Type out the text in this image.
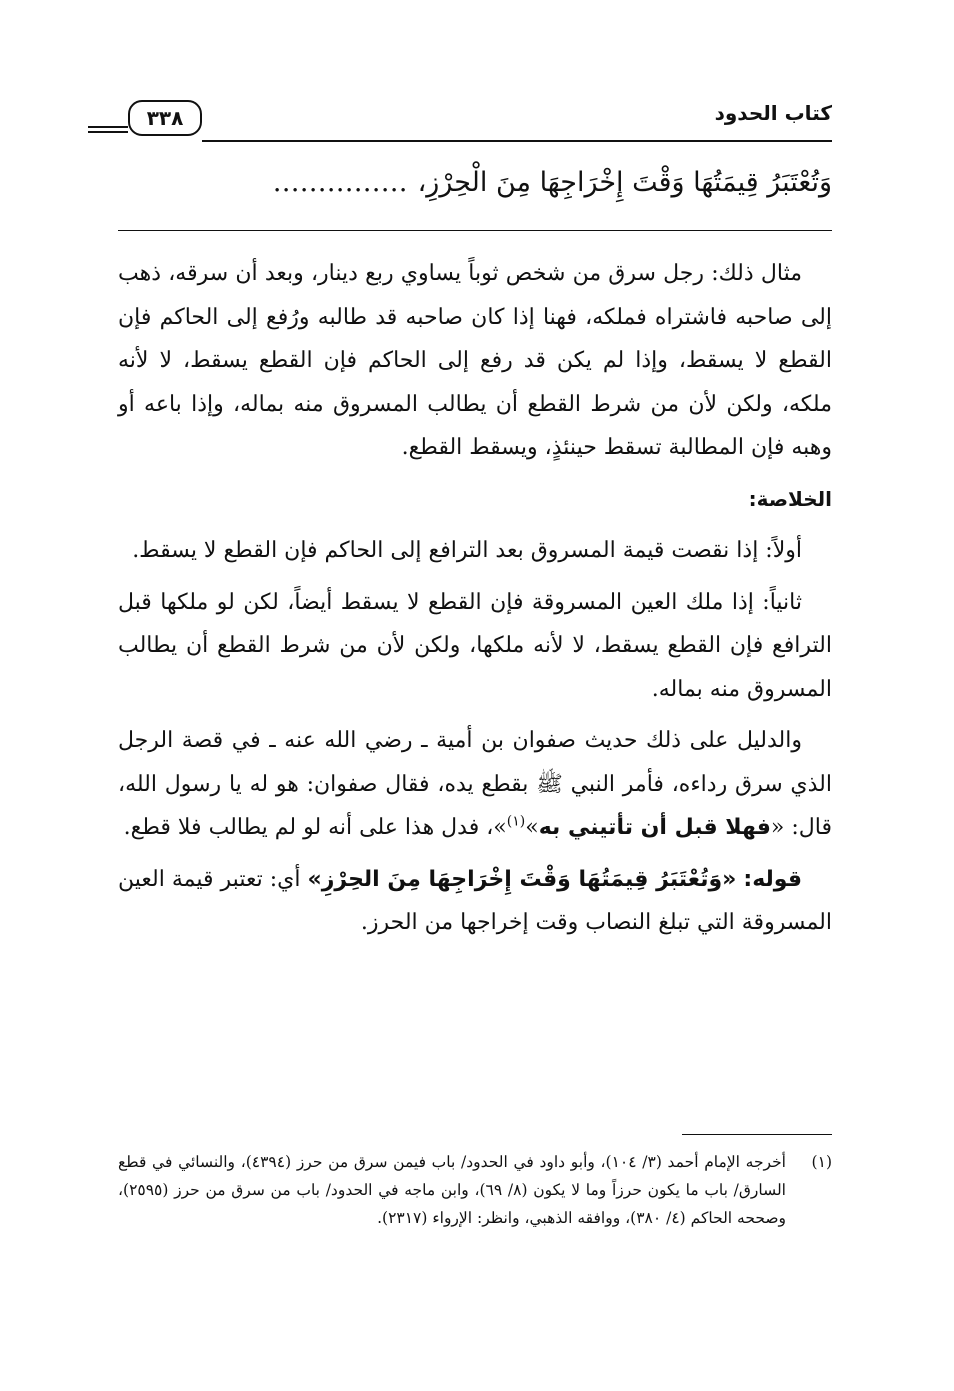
كتاب الحدود
٣٣٨
وَتُعْتَبَرُ قِيمَتُهَا وَقْتَ إِخْرَاجِهَا مِنَ الْحِرْزِ،……………

مثال ذلك: رجل سرق من شخص ثوباً يساوي ربع دينار، وبعد أن سرقه، ذهب إلى صاحبه فاشتراه فملكه، فهنا إذا كان صاحبه قد طالبه ورُفع إلى الحاكم فإن القطع لا يسقط، وإذا لم يكن قد رفع إلى الحاكم فإن القطع يسقط، لا لأنه ملكه، ولكن لأن من شرط القطع أن يطالب المسروق منه بماله، وإذا باعه أو وهبه فإن المطالبة تسقط حينئذٍ، ويسقط القطع.

الخلاصة:

أولاً: إذا نقصت قيمة المسروق بعد الترافع إلى الحاكم فإن القطع لا يسقط.

ثانياً: إذا ملك العين المسروقة فإن القطع لا يسقط أيضاً، لكن لو ملكها قبل الترافع فإن القطع يسقط، لا لأنه ملكها، ولكن لأن من شرط القطع أن يطالب المسروق منه بماله.

والدليل على ذلك حديث صفوان بن أمية ـ رضي الله عنه ـ في قصة الرجل الذي سرق رداءه، فأمر النبي ﷺ بقطع يده، فقال صفوان: هو له يا رسول الله، قال: «فهلا قبل أن تأتيني به»$^{(١)}$»، فدل هذا على أنه لو لم يطالب فلا قطع.

قوله: «وَتُعْتَبَرُ قِيمَتُهَا وَقْتَ إِخْرَاجِهَا مِنَ الحِرْزِ» أي: تعتبر قيمة العين المسروقة التي تبلغ النصاب وقت إخراجها من الحرز.

(١)
أخرجه الإمام أحمد (٣/ ١٠٤)، وأبو داود في الحدود/ باب فيمن سرق من حرز (٤٣٩٤)، والنسائي في قطع السارق/ باب ما يكون حرزاً وما لا يكون (٨/ ٦٩)، وابن ماجه في الحدود/ باب من سرق من حرز (٢٥٩٥)، وصححه الحاكم (٤/ ٣٨٠)، ووافقه الذهبي، وانظر: الإرواء (٢٣١٧).
